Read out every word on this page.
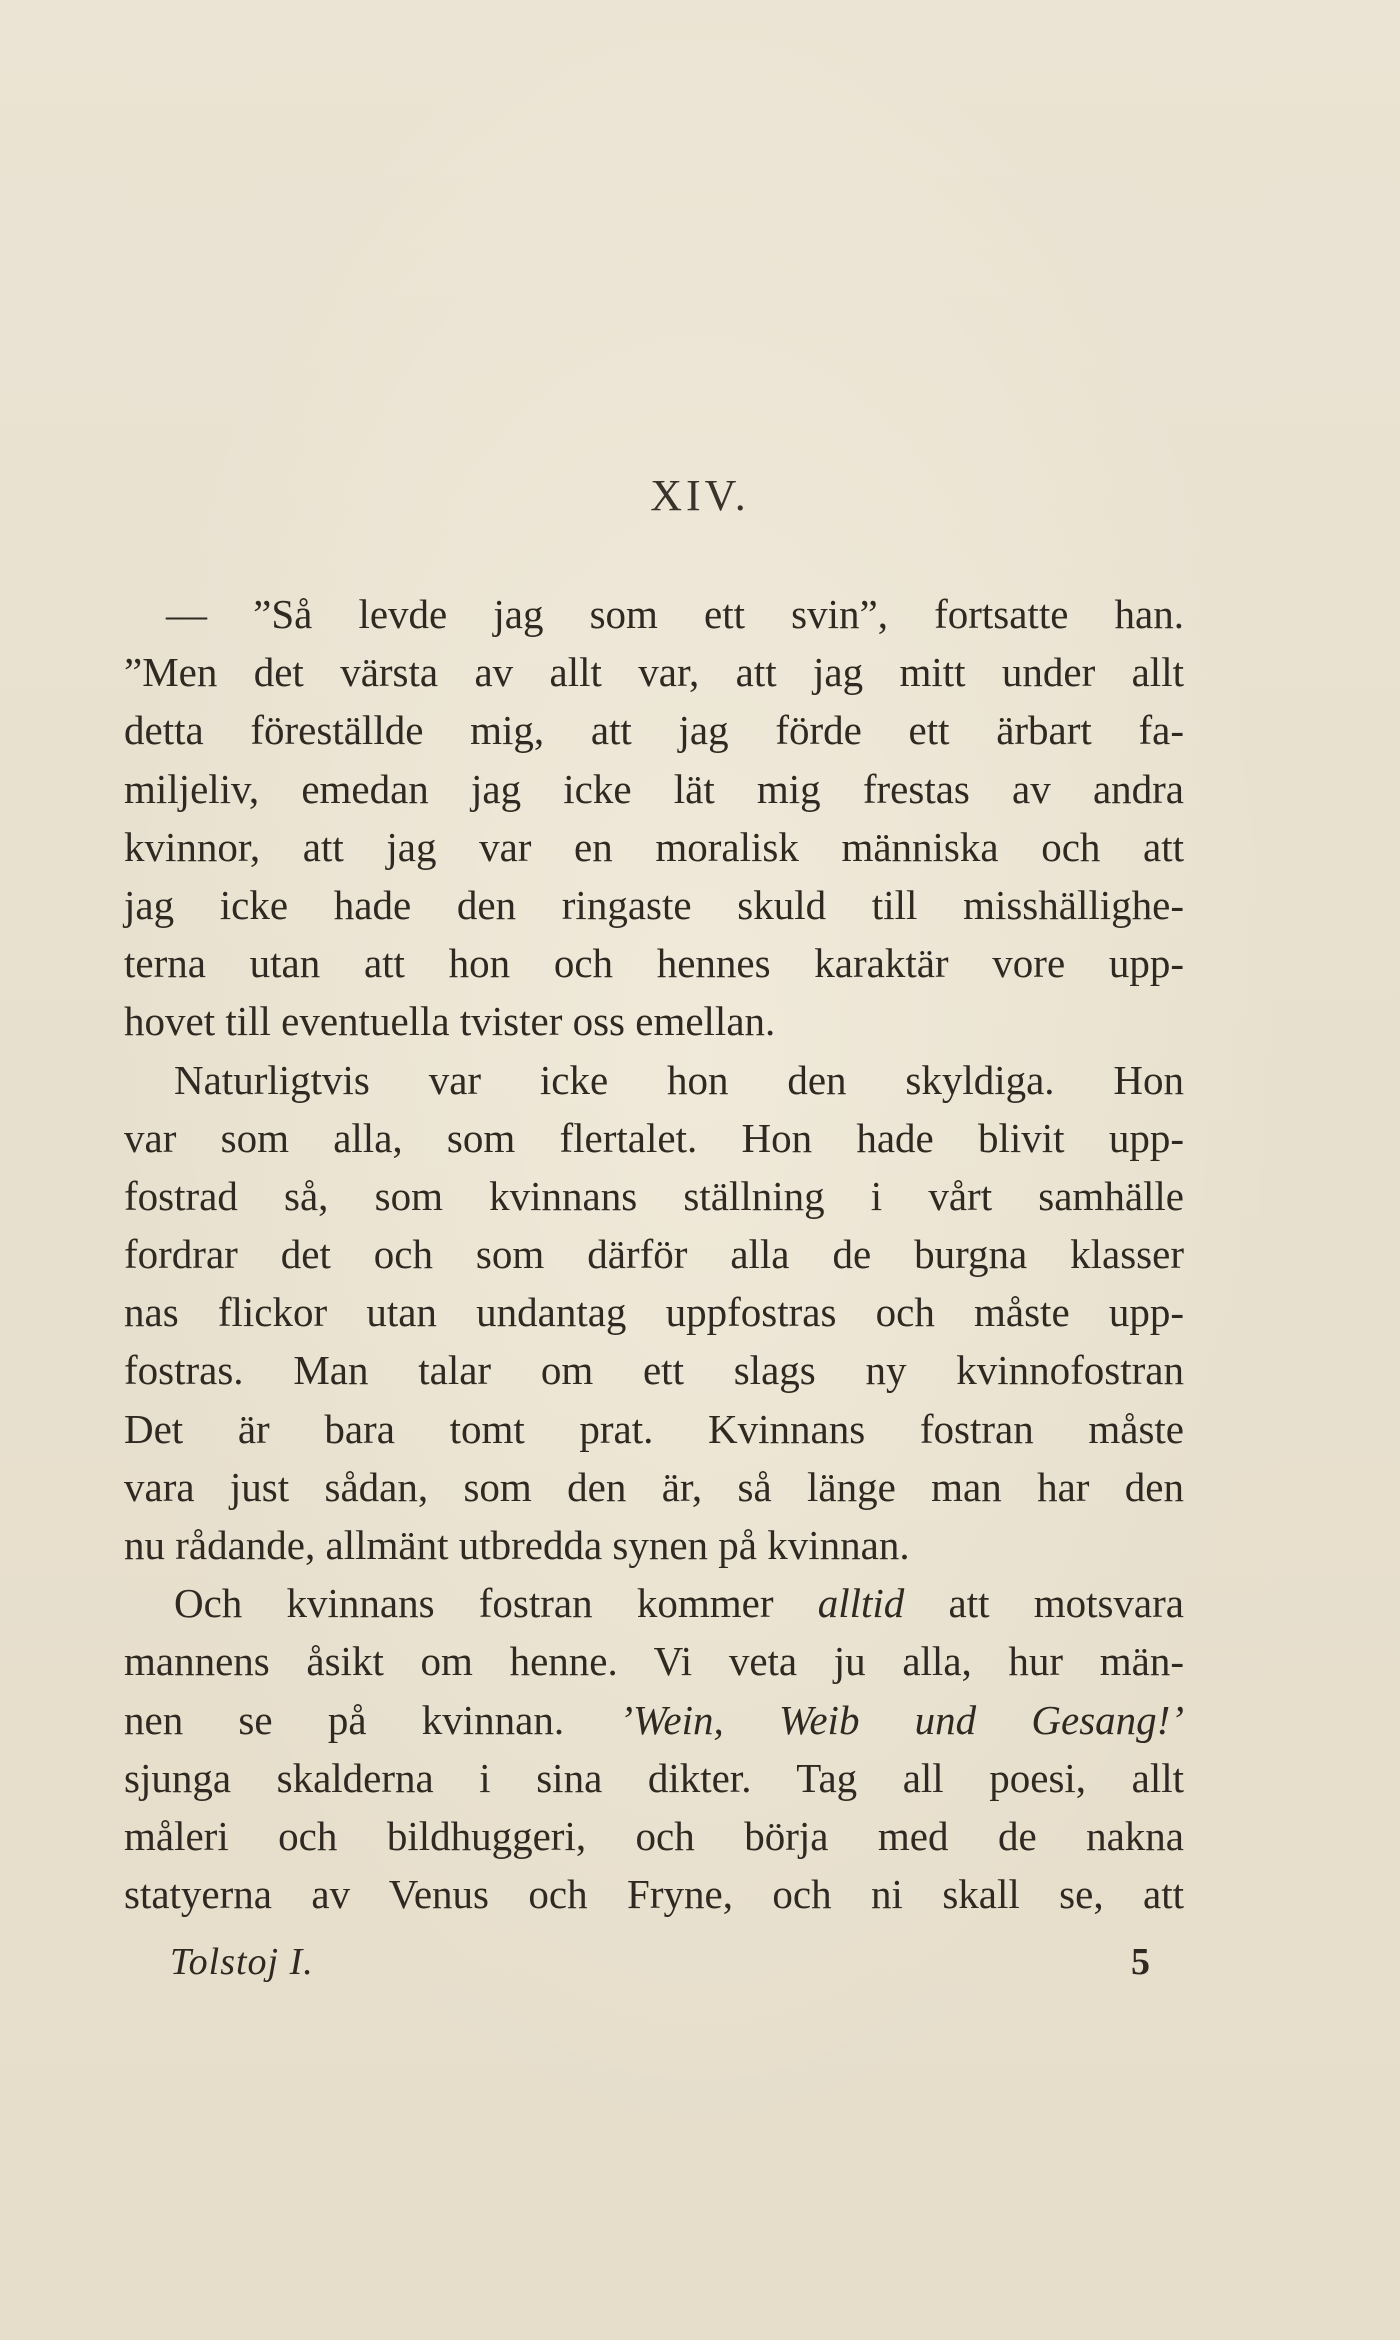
XIV.
— ”Så levde jag som ett svin”, fortsatte han.
”Men det värsta av allt var, att jag mitt under allt
detta föreställde mig, att jag förde ett ärbart fa-
miljeliv, emedan jag icke lät mig frestas av andra
kvinnor, att jag var en moralisk människa och att
jag icke hade den ringaste skuld till misshällighe-
terna utan att hon och hennes karaktär vore upp-
hovet till eventuella tvister oss emellan.
Naturligtvis var icke hon den skyldiga. Hon
var som alla, som flertalet. Hon hade blivit upp-
fostrad så, som kvinnans ställning i vårt samhälle
fordrar det och som därför alla de burgna klasser
nas flickor utan undantag uppfostras och måste upp-
fostras. Man talar om ett slags ny kvinnofostran
Det är bara tomt prat. Kvinnans fostran måste
vara just sådan, som den är, så länge man har den
nu rådande, allmänt utbredda synen på kvinnan.
Och kvinnans fostran kommer alltid att motsvara
mannens åsikt om henne. Vi veta ju alla, hur män-
nen se på kvinnan. ’Wein, Weib und Gesang!’
sjunga skalderna i sina dikter. Tag all poesi, allt
måleri och bildhuggeri, och börja med de nakna
statyerna av Venus och Fryne, och ni skall se, att
Tolstoj I.	5
